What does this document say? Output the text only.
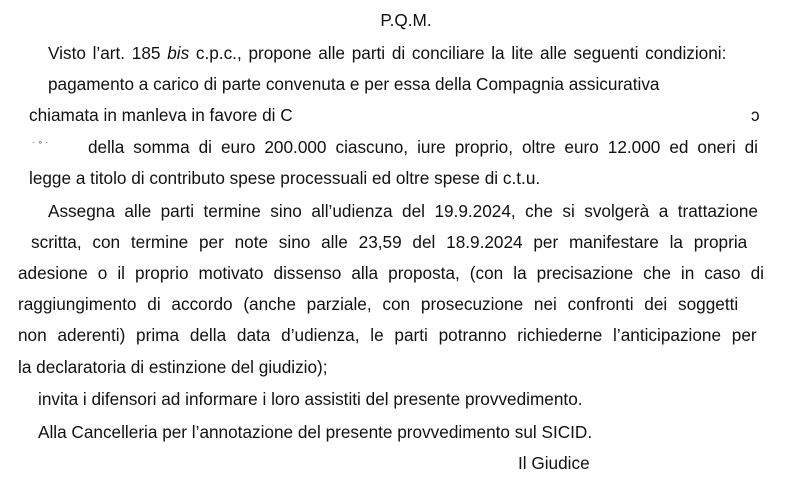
P.Q.M.
Visto l’art. 185 bis c.p.c., propone alle parti di conciliare la lite alle seguenti condizioni:
pagamento a carico di parte convenuta e per essa della Compagnia assicurativa
chiamata in manleva in favore di C	ↄ
˙ ˚ ˙ della somma di euro 200.000 ciascuno, iure proprio, oltre euro 12.000 ed oneri di
legge a titolo di contributo spese processuali ed oltre spese di c.t.u.
Assegna alle parti termine sino all’udienza del 19.9.2024, che si svolgerà a trattazione
scritta, con termine per note sino alle 23,59 del 18.9.2024 per manifestare la propria
adesione o il proprio motivato dissenso alla proposta, (con la precisazione che in caso di
raggiungimento di accordo (anche parziale, con prosecuzione nei confronti dei soggetti
non aderenti) prima della data d’udienza, le parti potranno richiederne l’anticipazione per
la declaratoria di estinzione del giudizio);
invita i difensori ad informare i loro assistiti del presente provvedimento.
Alla Cancelleria per l’annotazione del presente provvedimento sul SICID.
Il Giudice
